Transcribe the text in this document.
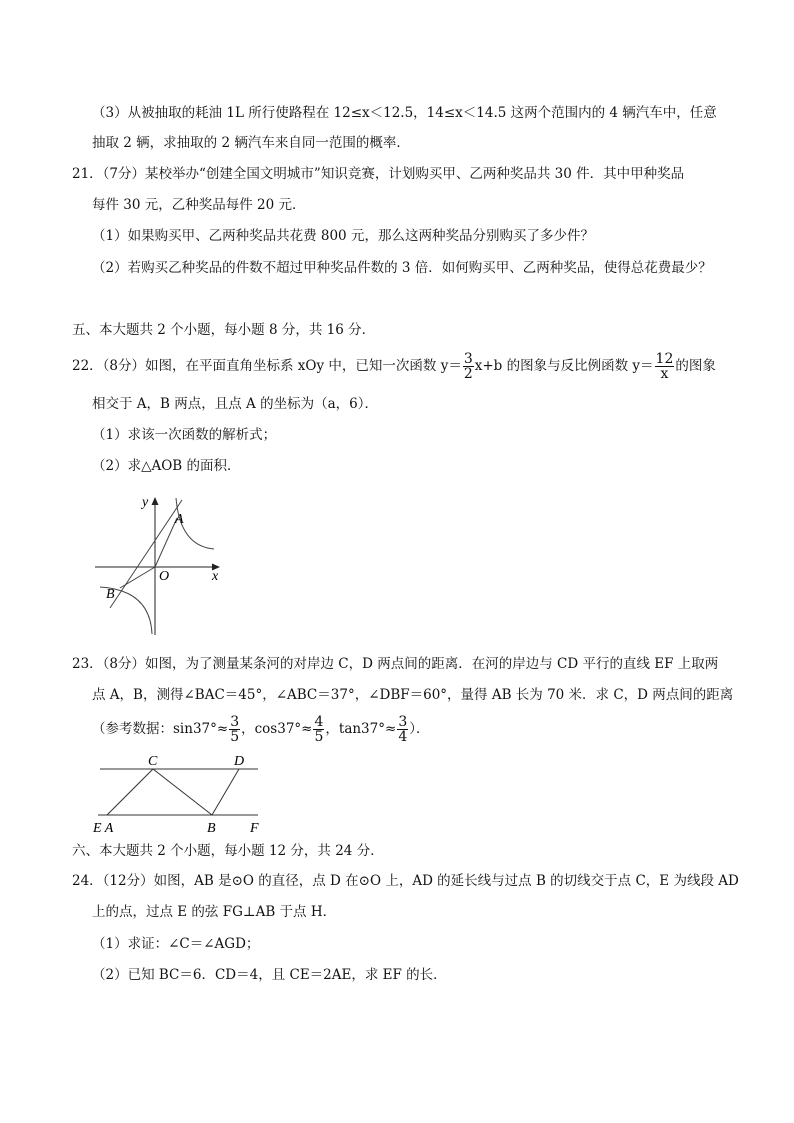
（3）从被抽取的耗油 1L 所行使路程在 12≤x＜12.5，14≤x＜14.5 这两个范围内的 4 辆汽车中，任意
抽取 2 辆，求抽取的 2 辆汽车来自同一范围的概率．
21．（7分）某校举办“创建全国文明城市”知识竞赛，计划购买甲、乙两种奖品共 30 件．其中甲种奖品
每件 30 元，乙种奖品每件 20 元．
（1）如果购买甲、乙两种奖品共花费 800 元，那么这两种奖品分别购买了多少件？
（2）若购买乙种奖品的件数不超过甲种奖品件数的 3 倍．如何购买甲、乙两种奖品，使得总花费最少？
五、本大题共 2 个小题，每小题 8 分，共 16 分．
22．（8分）如图，在平面直角坐标系 xOy 中，已知一次函数 $y= \frac{3}{2} x+b$ 的图象与反比例函数 $y= \frac{12}{x}$ 的图象
相交于 A，B 两点，且点 A 的坐标为（a，6）．
（1）求该一次函数的解析式；
（2）求△AOB 的面积．
y
A
O	x
B
23．（8分）如图，为了测量某条河的对岸边 C，D 两点间的距离．在河的岸边与 CD 平行的直线 EF 上取两
点 A，B，测得∠BAC＝45°，∠ABC＝37°，∠DBF＝60°，量得 AB 长为 70 米．求 C，D 两点间的距离
（参考数据：$\sin 37^\circ\approx \frac{3}{5}$ ，$\cos 37^\circ\approx \frac{4}{5}$ ，$\tan 37^\circ\approx \frac{3}{4}$ ）．
C	D
E A	B F
六、本大题共 2 个小题，每小题 12 分，共 24 分．
24．（12分）如图，AB 是⊙O 的直径，点 D 在⊙O 上，AD 的延长线与过点 B 的切线交于点 C，E 为线段 AD
上的点，过点 E 的弦 FG⊥AB 于点 H．
（1）求证：∠C＝∠AGD；
（2）已知 BC＝6．CD＝4，且 CE＝2AE，求 EF 的长．
